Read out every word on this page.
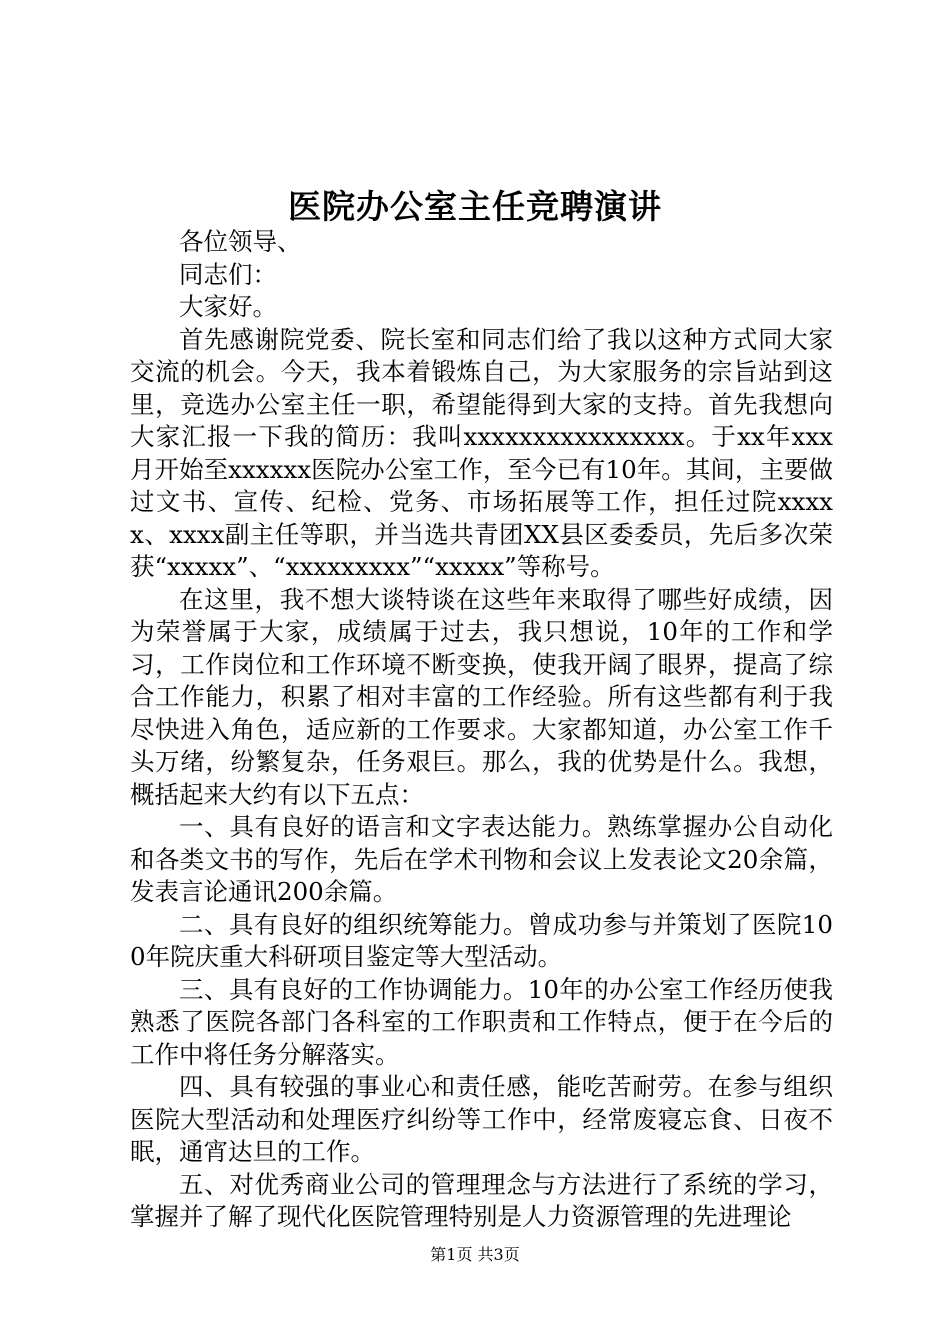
医院办公室主任竞聘演讲

各位领导、

同志们：

大家好。

首先感谢院党委、院长室和同志们给了我以这种方式同大家交流的机会。今天，我本着锻炼自己，为大家服务的宗旨站到这里，竞选办公室主任一职，希望能得到大家的支持。首先我想向大家汇报一下我的简历：我叫xxxxxxxxxxxxxxxx。于xx年xxx月开始至xxxxxx医院办公室工作，至今已有10年。其间，主要做过文书、宣传、纪检、党务、市场拓展等工作，担任过院xxxxx、xxxx副主任等职，并当选共青团XX县区委委员，先后多次荣获“xxxxx”、“xxxxxxxxx”“xxxxx”等称号。

在这里，我不想大谈特谈在这些年来取得了哪些好成绩，因为荣誉属于大家，成绩属于过去，我只想说，10年的工作和学习，工作岗位和工作环境不断变换，使我开阔了眼界，提高了综合工作能力，积累了相对丰富的工作经验。所有这些都有利于我尽快进入角色，适应新的工作要求。大家都知道，办公室工作千头万绪，纷繁复杂，任务艰巨。那么，我的优势是什么。我想，概括起来大约有以下五点：

一、具有良好的语言和文字表达能力。熟练掌握办公自动化和各类文书的写作，先后在学术刊物和会议上发表论文20余篇，发表言论通讯200余篇。

二、具有良好的组织统筹能力。曾成功参与并策划了医院100年院庆重大科研项目鉴定等大型活动。

三、具有良好的工作协调能力。10年的办公室工作经历使我熟悉了医院各部门各科室的工作职责和工作特点，便于在今后的工作中将任务分解落实。

四、具有较强的事业心和责任感，能吃苦耐劳。在参与组织医院大型活动和处理医疗纠纷等工作中，经常废寝忘食、日夜不眠，通宵达旦的工作。

五、对优秀商业公司的管理理念与方法进行了系统的学习，掌握并了解了现代化医院管理特别是人力资源管理的先进理论

第1页 共3页
